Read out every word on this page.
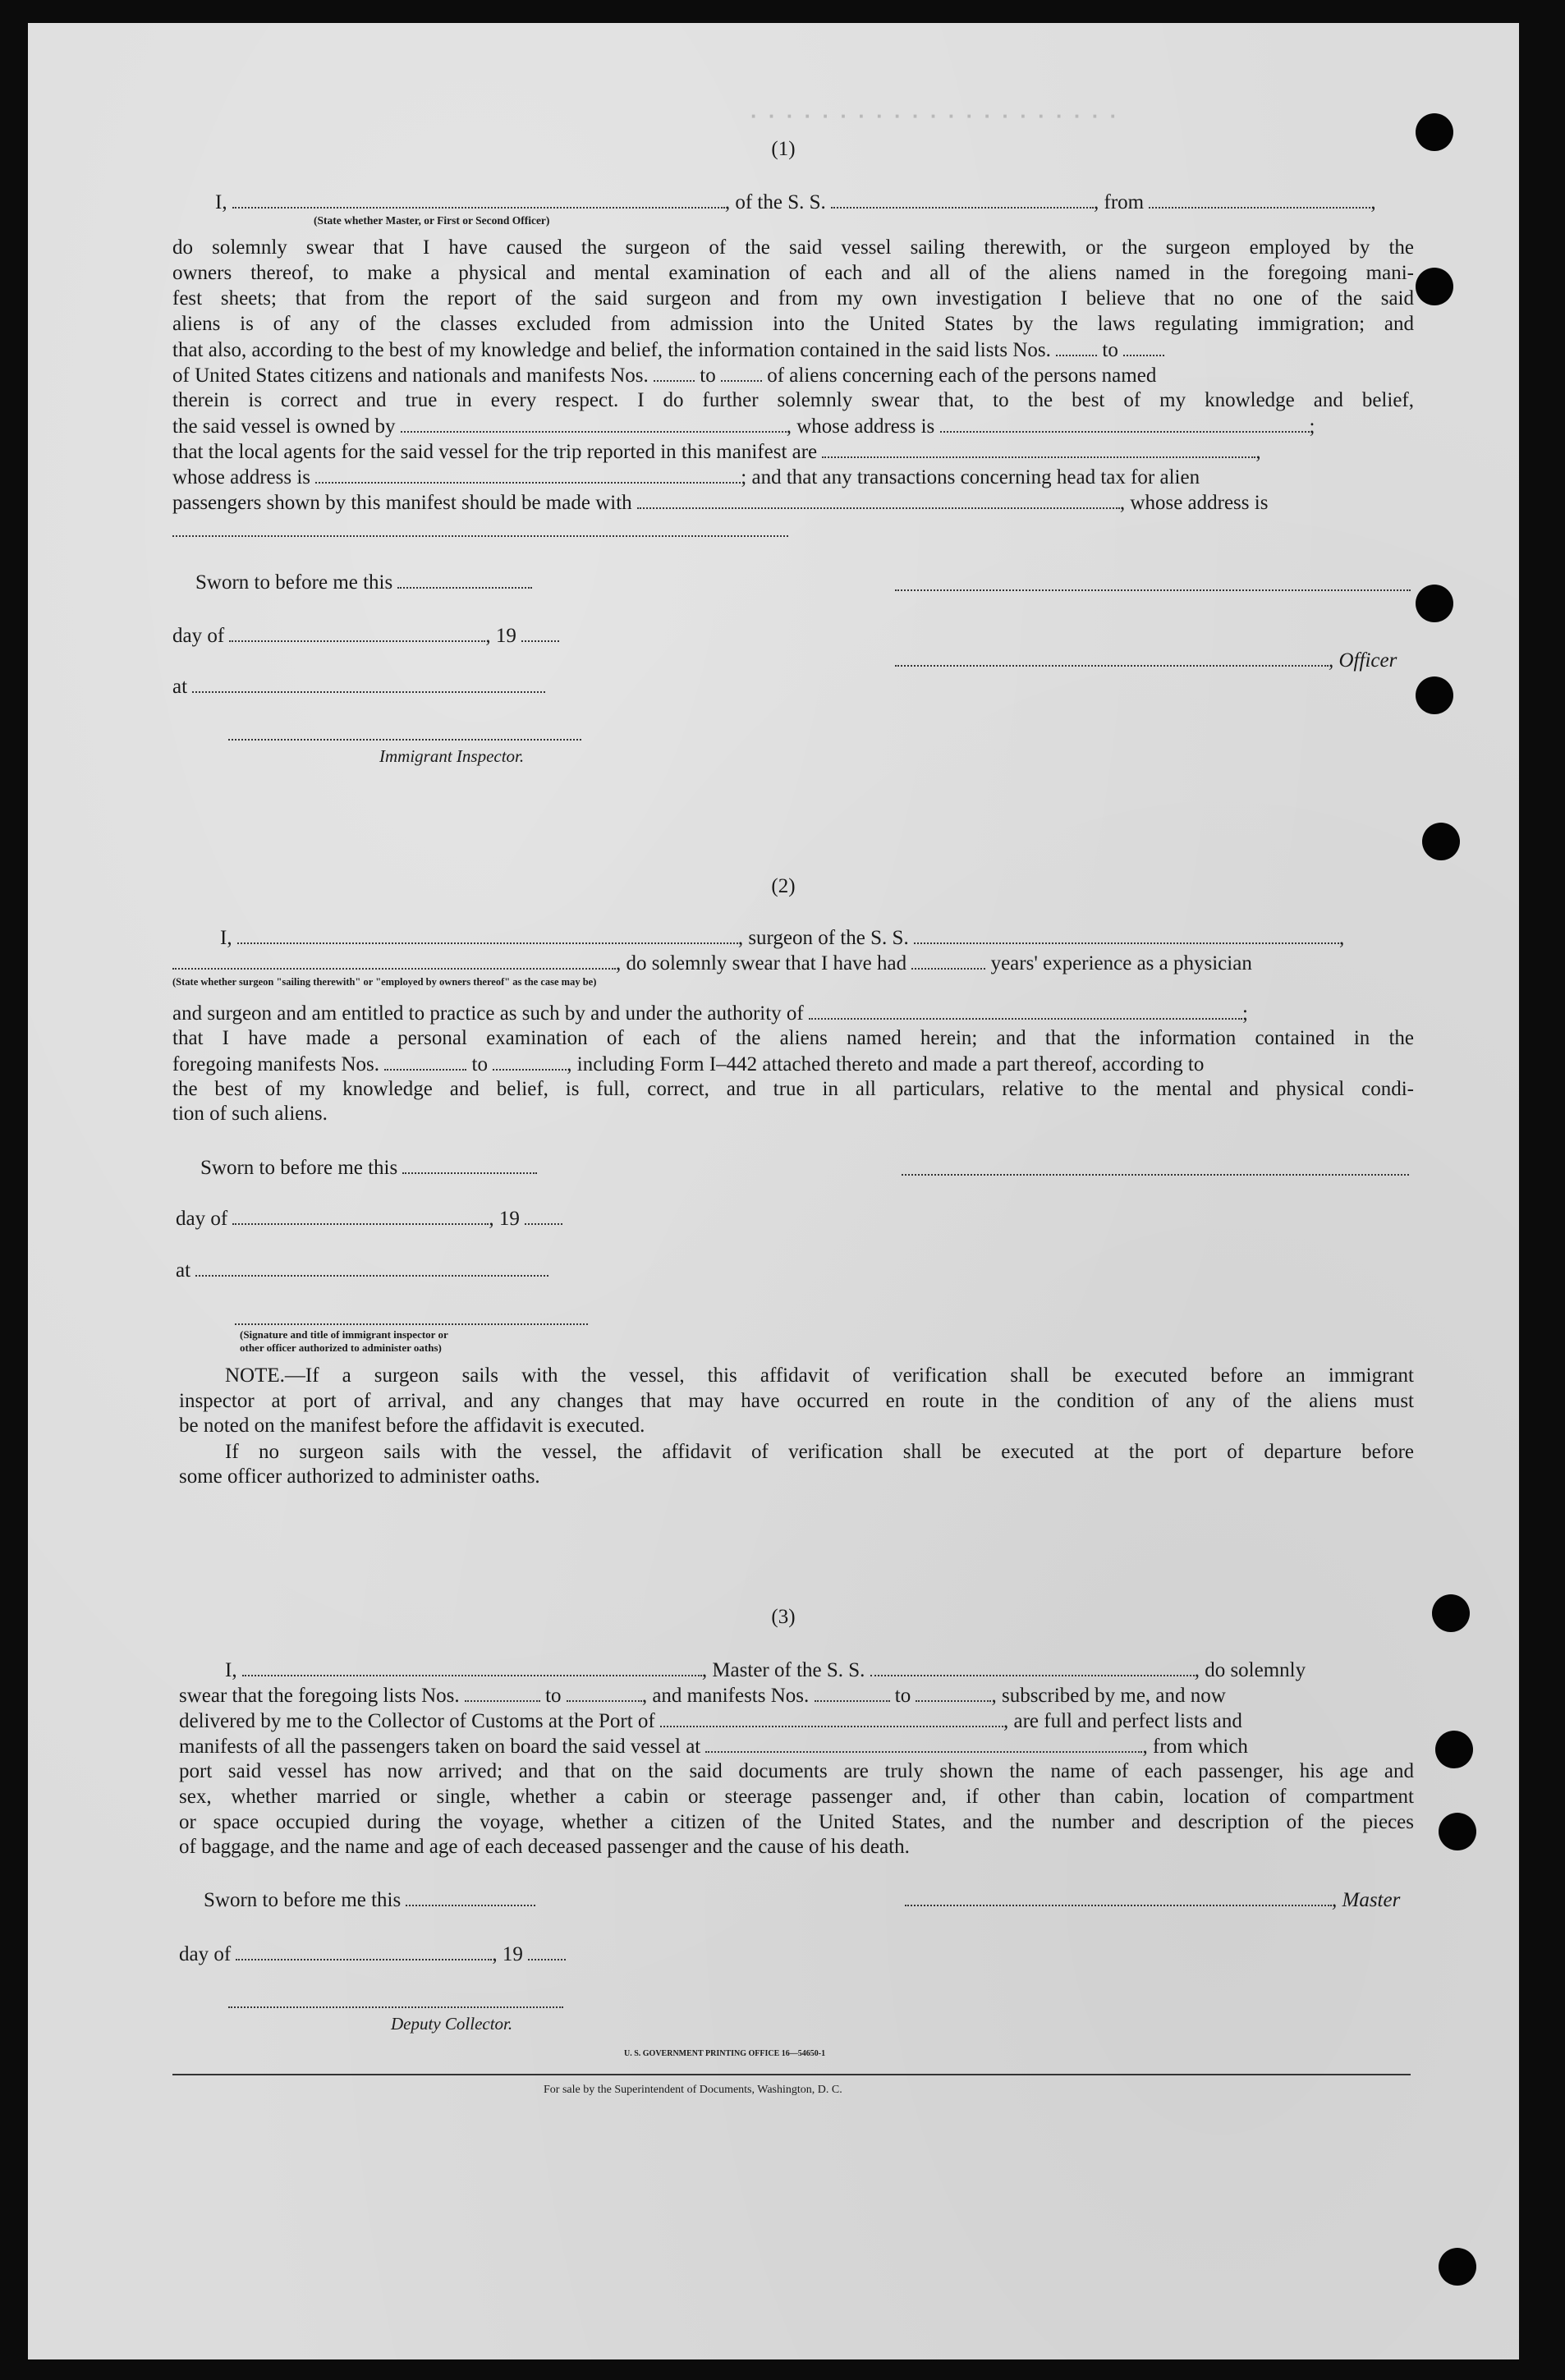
· · · · · · · · · · · · · · · · · · · · ·
(1)
I,	, of the S. S.	, from	,
(State whether Master, or First or Second Officer)
do solemnly swear that I have caused the surgeon of the said vessel sailing therewith, or the surgeon employed by the
owners thereof, to make a physical and mental examination of each and all of the aliens named in the foregoing mani-
fest sheets; that from the report of the said surgeon and from my own investigation I believe that no one of the said
aliens is of any of the classes excluded from admission into the United States by the laws regulating immigration; and
that also, according to the best of my knowledge and belief, the information contained in the said lists Nos.	to
of United States citizens and nationals and manifests Nos.	to	of aliens concerning each of the persons named
therein is correct and true in every respect. I do further solemnly swear that, to the best of my knowledge and belief,
the said vessel is owned by	, whose address is	;
that the local agents for the said vessel for the trip reported in this manifest are	,
whose address is	; and that any transactions concerning head tax for alien
passengers shown by this manifest should be made with	, whose address is
Sworn to before me this
day of	, 19
, Officer
at
Immigrant Inspector.
(2)
I,	, surgeon of the S. S.	,
, do solemnly swear that I have had	years' experience as a physician
(State whether surgeon "sailing therewith" or "employed by owners thereof" as the case may be)
and surgeon and am entitled to practice as such by and under the authority of	;
that I have made a personal examination of each of the aliens named herein; and that the information contained in the
foregoing manifests Nos.	to	, including Form I–442 attached thereto and made a part thereof, according to
the best of my knowledge and belief, is full, correct, and true in all particulars, relative to the mental and physical condi-
tion of such aliens.
Sworn to before me this
day of	, 19
at
(Signature and title of immigrant inspector or
other officer authorized to administer oaths)
NOTE.—If a surgeon sails with the vessel, this affidavit of verification shall be executed before an immigrant
inspector at port of arrival, and any changes that may have occurred en route in the condition of any of the aliens must
be noted on the manifest before the affidavit is executed.
If no surgeon sails with the vessel, the affidavit of verification shall be executed at the port of departure before
some officer authorized to administer oaths.
(3)
I,	, Master of the S. S.	, do solemnly
swear that the foregoing lists Nos.	to	, and manifests Nos.	to	, subscribed by me, and now
delivered by me to the Collector of Customs at the Port of	, are full and perfect lists and
manifests of all the passengers taken on board the said vessel at	, from which
port said vessel has now arrived; and that on the said documents are truly shown the name of each passenger, his age and
sex, whether married or single, whether a cabin or steerage passenger and, if other than cabin, location of compartment
or space occupied during the voyage, whether a citizen of the United States, and the number and description of the pieces
of baggage, and the name and age of each deceased passenger and the cause of his death.
Sworn to before me this	, Master
day of	, 19
Deputy Collector.
U. S. GOVERNMENT PRINTING OFFICE 16—54650-1
For sale by the Superintendent of Documents, Washington, D. C.
